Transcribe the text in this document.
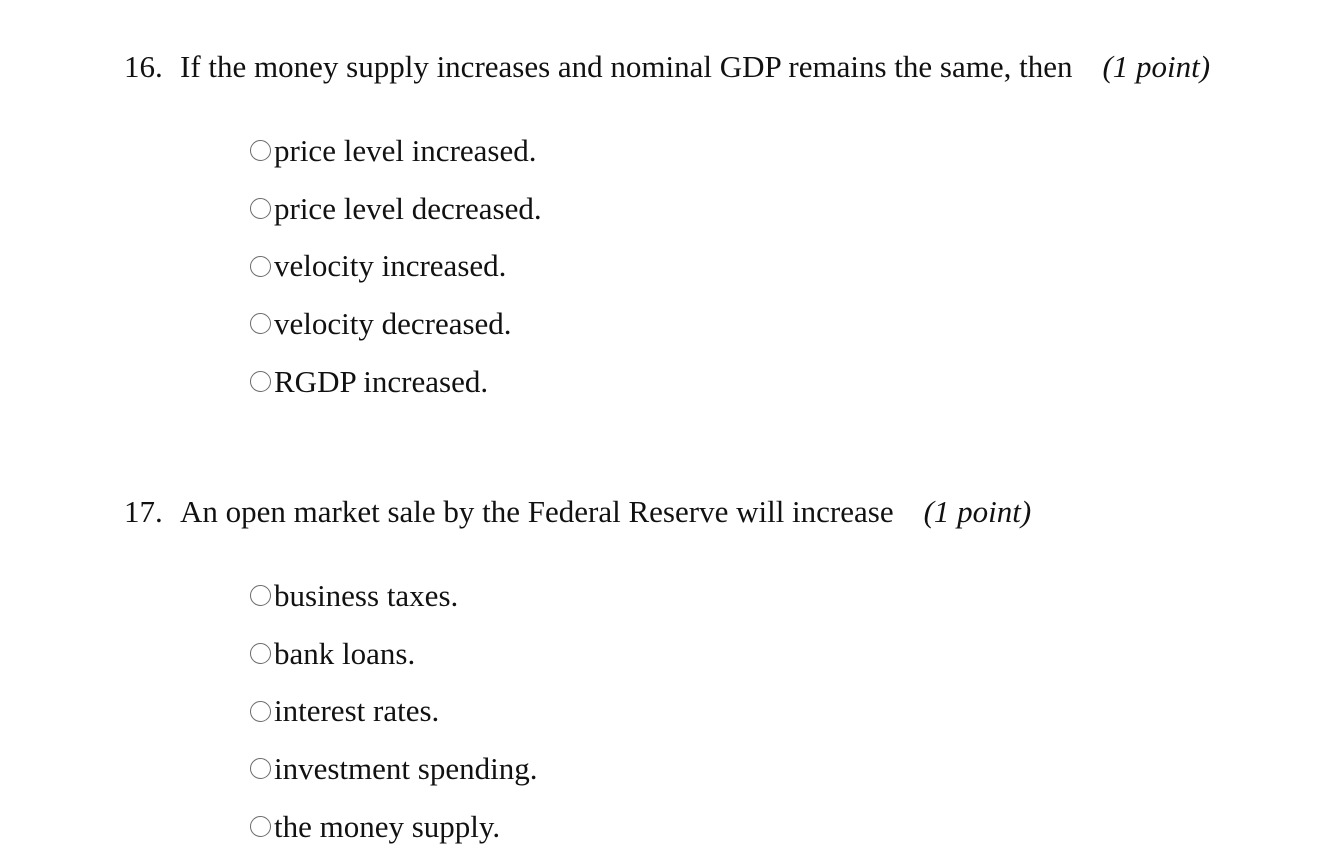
16. If the money supply increases and nominal GDP remains the same, then (1 point)
price level increased.
price level decreased.
velocity increased.
velocity decreased.
RGDP increased.
17. An open market sale by the Federal Reserve will increase (1 point)
business taxes.
bank loans.
interest rates.
investment spending.
the money supply.
